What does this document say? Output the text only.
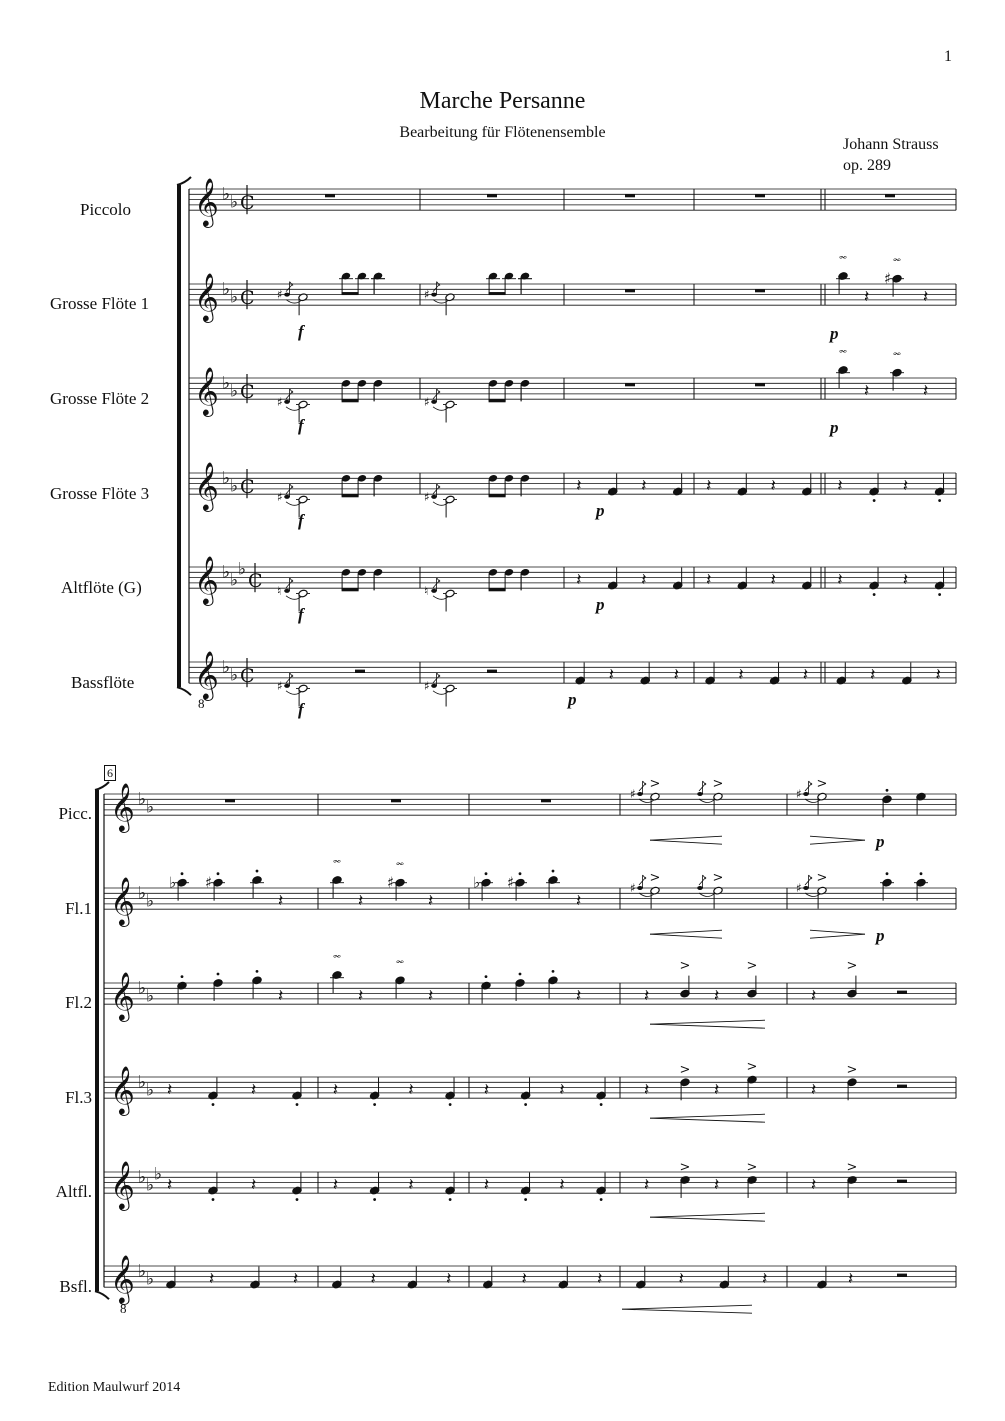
1
Marche Persanne
Bearbeitung für Flötenensemble
Johann Strauss
op. 289
Piccolo
Grosse Flöte 1
Grosse Flöte 2
Grosse Flöte 3
Altflöte (G)
Bassflöte
Picc.
Fl.1
Fl.2
Fl.3
Altfl.
Bsfl.
6
Edition Maulwurf 2014
𝄞 ♭ ♭ C
𝄞 ♭ ♭ C
𝄞 ♭ ♭ C
𝄞 ♭ ♭ C
𝄞 ♭ ♭
♭
C
𝄞 ♭ ♭ C
8
♯	♯
♯	♯
♯	♯
♮	♮
♯	♯
𝆗
𝄽
♯
𝆗
𝄽
𝆗
𝄽
𝆗
𝄽
𝄽	𝄽
𝄽	𝄽
𝄽	𝄽
𝄽	𝄽
𝄽	𝄽
𝄽	𝄽
𝄽	𝄽	𝄽	𝄽	𝄽	𝄽
f
f
f
f
f
p
p
p
p
p
𝄞 ♭ ♭
𝄞 ♭ ♭
𝄞 ♭ ♭
𝄞 ♭ ♭
𝄞 ♭ ♭
♭
𝄞 ♭ ♭
8
♯
>	>
♯
>
p
♭ ♯
𝄽
𝆗
𝄽
♯
𝆗
𝄽
♭ ♯
𝄽
♯
>	>
♯
>
p
𝄽
𝆗
𝄽
𝆗
𝄽	𝄽	𝄽
>
𝄽
>
𝄽
>
𝄽	𝄽
𝄽	𝄽
𝄽	𝄽
𝄽	𝄽
𝄽	𝄽
𝄽	𝄽
𝄽
>
𝄽
>
𝄽
>
𝄽
>
𝄽
>
𝄽
>
𝄽	𝄽	𝄽	𝄽	𝄽	𝄽	𝄽	𝄽	𝄽
